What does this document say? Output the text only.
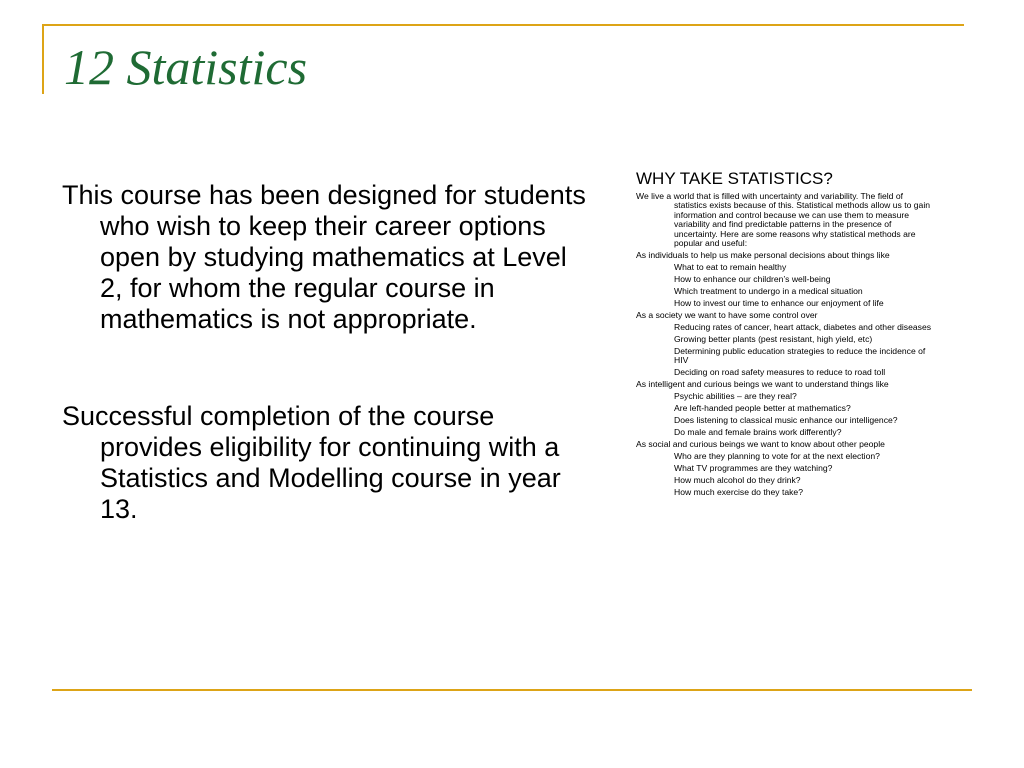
12 Statistics

This course has been designed for students who wish to keep their career options open by studying mathematics at Level 2, for whom the regular course in mathematics is not appropriate.

Successful completion of the course provides eligibility for continuing with a Statistics and Modelling course in year 13.

WHY TAKE STATISTICS?
We live a world that is filled with uncertainty and variability. The field of statistics exists because of this. Statistical methods allow us to gain information and control because we can use them to measure variability and find predictable patterns in the presence of uncertainty. Here are some reasons why statistical methods are popular and useful:
As individuals to help us make personal decisions about things like
What to eat to remain healthy
How to enhance our children’s well-being
Which treatment to undergo in a medical situation
How to invest our time to enhance our enjoyment of life
As a society we want to have some control over
Reducing rates of cancer, heart attack, diabetes and other diseases
Growing better plants (pest resistant, high yield, etc)
Determining public education strategies to reduce the incidence of HIV
Deciding on road safety measures to reduce to road toll
As intelligent and curious beings we want to understand things like
Psychic abilities – are they real?
Are left-handed people better at mathematics?
Does listening to classical music enhance our intelligence?
Do male and female brains work differently?
As social and curious beings we want to know about other people
Who are they planning to vote for at the next election?
What TV programmes are they watching?
How much alcohol do they drink?
How much exercise do they take?
